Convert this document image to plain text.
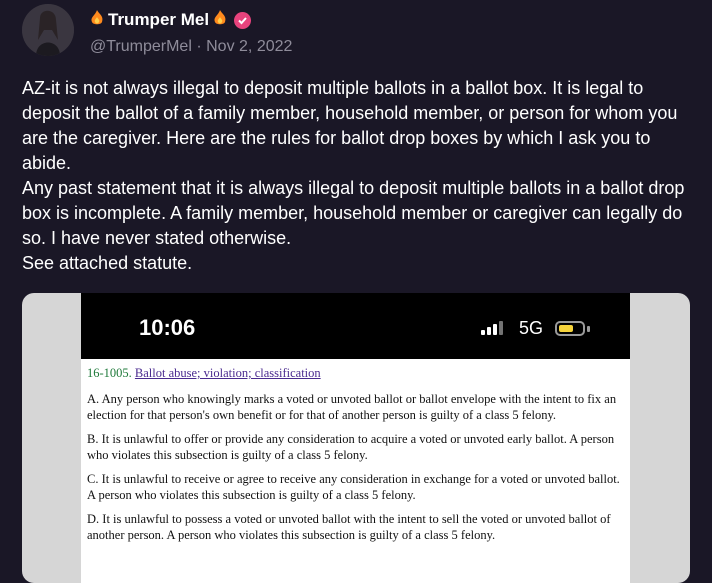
Trumper Mel
@TrumperMel · Nov 2, 2022

AZ-it is not always illegal to deposit multiple ballots in a ballot box. It is legal to deposit the ballot of a family member, household member, or person for whom you are the caregiver. Here are the rules for ballot drop boxes by which I ask you to abide.

Any past statement that it is always illegal to deposit multiple ballots in a ballot drop box is incomplete. A family member, household member or caregiver can legally do so. I have never stated otherwise.

See attached statute.

10:06	5G
16-1005. Ballot abuse; violation; classification

A. Any person who knowingly marks a voted or unvoted ballot or ballot envelope with the intent to fix an election for that person's own benefit or for that of another person is guilty of a class 5 felony.

B. It is unlawful to offer or provide any consideration to acquire a voted or unvoted early ballot. A person who violates this subsection is guilty of a class 5 felony.

C. It is unlawful to receive or agree to receive any consideration in exchange for a voted or unvoted ballot. A person who violates this subsection is guilty of a class 5 felony.

D. It is unlawful to possess a voted or unvoted ballot with the intent to sell the voted or unvoted ballot of another person. A person who violates this subsection is guilty of a class 5 felony.
